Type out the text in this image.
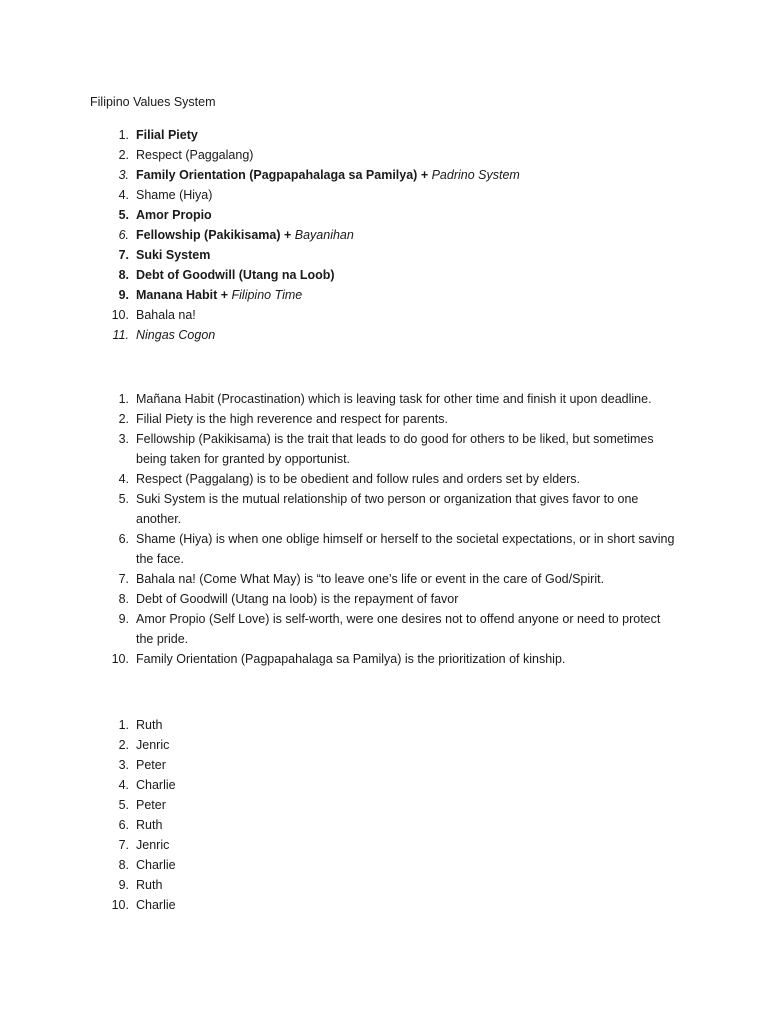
Filipino Values System
1. Filial Piety
2. Respect (Paggalang)
3. Family Orientation (Pagpapahalaga sa Pamilya) + Padrino System
4. Shame (Hiya)
5. Amor Propio
6. Fellowship (Pakikisama) + Bayanihan
7. Suki System
8. Debt of Goodwill (Utang na Loob)
9. Manana Habit + Filipino Time
10. Bahala na!
11. Ningas Cogon
1. Mañana Habit (Procastination) which is leaving task for other time and finish it upon deadline.
2. Filial Piety is the high reverence and respect for parents.
3. Fellowship (Pakikisama) is the trait that leads to do good for others to be liked, but sometimes being taken for granted by opportunist.
4. Respect (Paggalang) is to be obedient and follow rules and orders set by elders.
5. Suki System is the mutual relationship of two person or organization that gives favor to one another.
6. Shame (Hiya) is when one oblige himself or herself to the societal expectations, or in short saving the face.
7. Bahala na! (Come What May) is “to leave one’s life or event in the care of God/Spirit.
8. Debt of Goodwill (Utang na loob) is the repayment of favor
9. Amor Propio (Self Love) is self-worth, were one desires not to offend anyone or need to protect the pride.
10. Family Orientation (Pagpapahalaga sa Pamilya) is the prioritization of kinship.
1. Ruth
2. Jenric
3. Peter
4. Charlie
5. Peter
6. Ruth
7. Jenric
8. Charlie
9. Ruth
10. Charlie
